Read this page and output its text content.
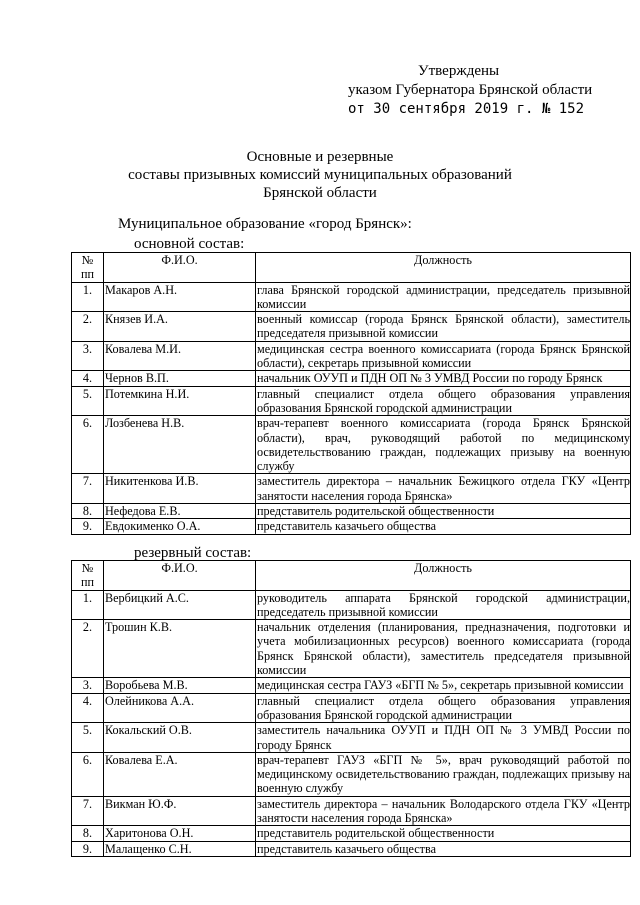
Утверждены
указом Губернатора Брянской области
от 30 сентября 2019 г. № 152
Основные и резервные
составы призывных комиссий муниципальных образований
Брянской области
Муниципальное образование «город Брянск»:
основной состав:
№ пп	Ф.И.О.	Должность
1.	Макаров А.Н.	глава Брянской городской администрации, председатель призывной комиссии
2.	Князев И.А.	военный комиссар (города Брянск Брянской области), заместитель председателя призывной комиссии
3.	Ковалева М.И.	медицинская сестра военного комиссариата (города Брянск Брянской области), секретарь призывной комиссии
4.	Чернов В.П.	начальник ОУУП и ПДН ОП № 3 УМВД России по городу Брянск
5.	Потемкина Н.И.	главный специалист отдела общего образования управления образования Брянской городской администрации
6.	Лозбенева Н.В.	врач-терапевт военного комиссариата (города Брянск Брянской области), врач, руководящий работой по медицинскому освидетельствованию граждан, подлежащих призыву на военную службу
7.	Никитенкова И.В.	заместитель директора – начальник Бежицкого отдела ГКУ «Центр занятости населения города Брянска»
8.	Нефедова Е.В.	представитель родительской общественности
9.	Евдокименко О.А.	представитель казачьего общества
резервный состав:
№ пп	Ф.И.О.	Должность
1.	Вербицкий А.С.	руководитель аппарата Брянской городской администрации, председатель призывной комиссии
2.	Трошин К.В.	начальник отделения (планирования, предназначения, подготовки и учета мобилизационных ресурсов) военного комиссариата (города Брянск Брянской области), заместитель председателя призывной комиссии
3.	Воробьева М.В.	медицинская сестра ГАУЗ «БГП № 5», секретарь призывной комиссии
4.	Олейникова А.А.	главный специалист отдела общего образования управления образования Брянской городской администрации
5.	Кокальский О.В.	заместитель начальника ОУУП и ПДН ОП № 3 УМВД России по городу Брянск
6.	Ковалева Е.А.	врач-терапевт ГАУЗ «БГП № 5», врач руководящий работой по медицинскому освидетельствованию граждан, подлежащих призыву на военную службу
7.	Викман Ю.Ф.	заместитель директора – начальник Володарского отдела ГКУ «Центр занятости населения города Брянска»
8.	Харитонова О.Н.	представитель родительской общественности
9.	Малащенко С.Н.	представитель казачьего общества
